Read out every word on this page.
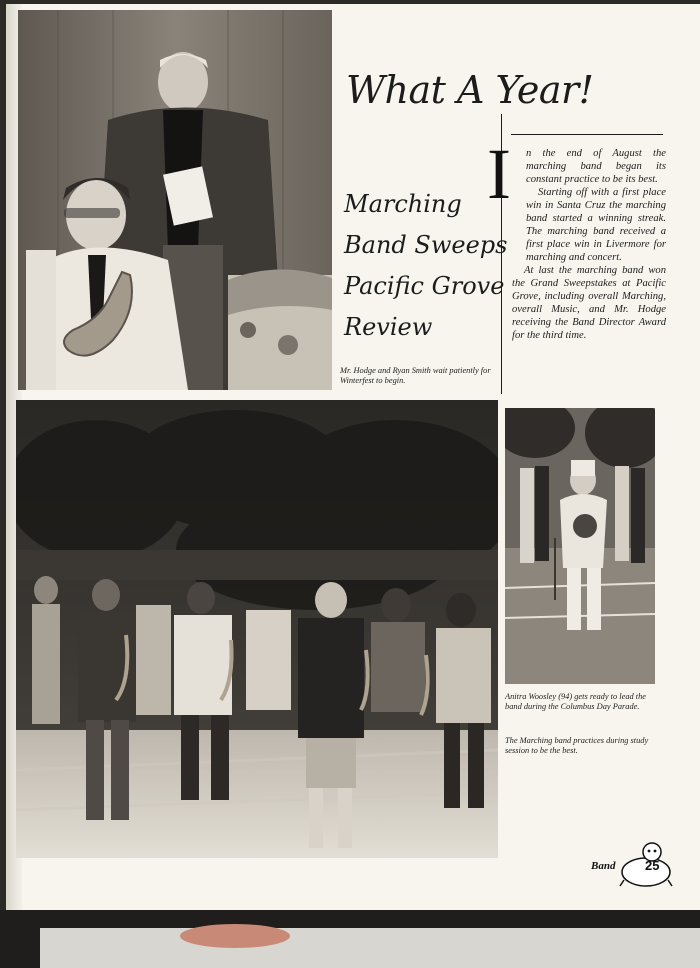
What A Year!
Marching
Band Sweeps
Pacific Grove
Review
I n the end of August the marching band began its constant practice to be its best.

Starting off with a first place win in Santa Cruz the marching band started a winning streak. The marching band received a first place win in Livermore for marching and concert.

At last the marching band won the Grand Sweepstakes at Pacific Grove, including overall Marching, overall Music, and Mr. Hodge receiving the Band Director Award for the third time.

Mr. Hodge and Ryan Smith wait patiently for Winterfest to begin.
Anitra Woosley (94) gets ready to lead the band during the Columbus Day Parade.
The Marching band practices during study session to be the best.
Band 25
